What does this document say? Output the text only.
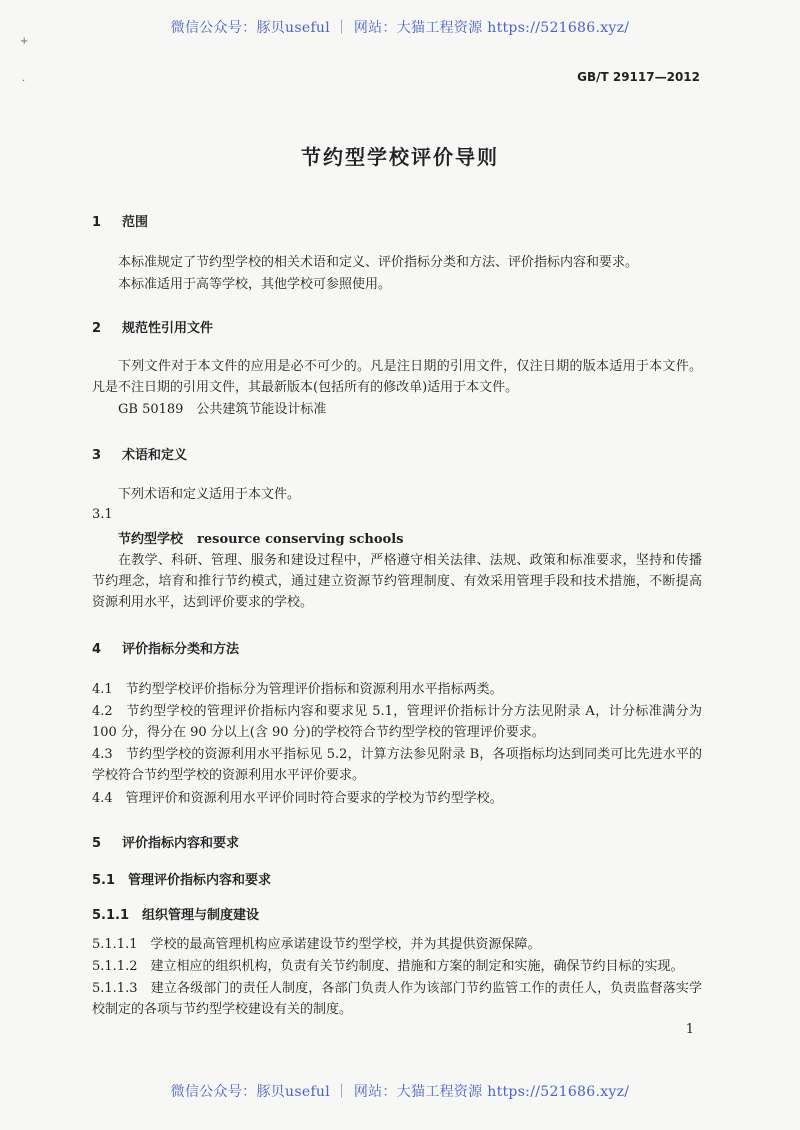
微信公众号：豚贝useful ｜ 网站：大猫工程资源 https://521686.xyz/
+
·	GB/T 29117—2012
节约型学校评价导则
1 范围
本标准规定了节约型学校的相关术语和定义、评价指标分类和方法、评价指标内容和要求。
本标准适用于高等学校，其他学校可参照使用。
2 规范性引用文件
下列文件对于本文件的应用是必不可少的。凡是注日期的引用文件，仅注日期的版本适用于本文件。凡是不注日期的引用文件，其最新版本(包括所有的修改单)适用于本文件。
GB 50189　公共建筑节能设计标准
3 术语和定义
下列术语和定义适用于本文件。
3.1
节约型学校 resource conserving schools
在教学、科研、管理、服务和建设过程中，严格遵守相关法律、法规、政策和标准要求，坚持和传播节约理念，培育和推行节约模式，通过建立资源节约管理制度、有效采用管理手段和技术措施，不断提高资源利用水平，达到评价要求的学校。
4 评价指标分类和方法
4.1　节约型学校评价指标分为管理评价指标和资源利用水平指标两类。
4.2　节约型学校的管理评价指标内容和要求见 5.1，管理评价指标计分方法见附录 A，计分标准满分为 100 分，得分在 90 分以上(含 90 分)的学校符合节约型学校的管理评价要求。
4.3　节约型学校的资源利用水平指标见 5.2，计算方法参见附录 B，各项指标均达到同类可比先进水平的学校符合节约型学校的资源利用水平评价要求。
4.4　管理评价和资源利用水平评价同时符合要求的学校为节约型学校。
5 评价指标内容和要求
5.1 管理评价指标内容和要求
5.1.1 组织管理与制度建设
5.1.1.1　学校的最高管理机构应承诺建设节约型学校，并为其提供资源保障。
5.1.1.2　建立相应的组织机构，负责有关节约制度、措施和方案的制定和实施，确保节约目标的实现。
5.1.1.3　建立各级部门的责任人制度，各部门负责人作为该部门节约监管工作的责任人，负责监督落实学校制定的各项与节约型学校建设有关的制度。
1
微信公众号：豚贝useful ｜ 网站：大猫工程资源 https://521686.xyz/
